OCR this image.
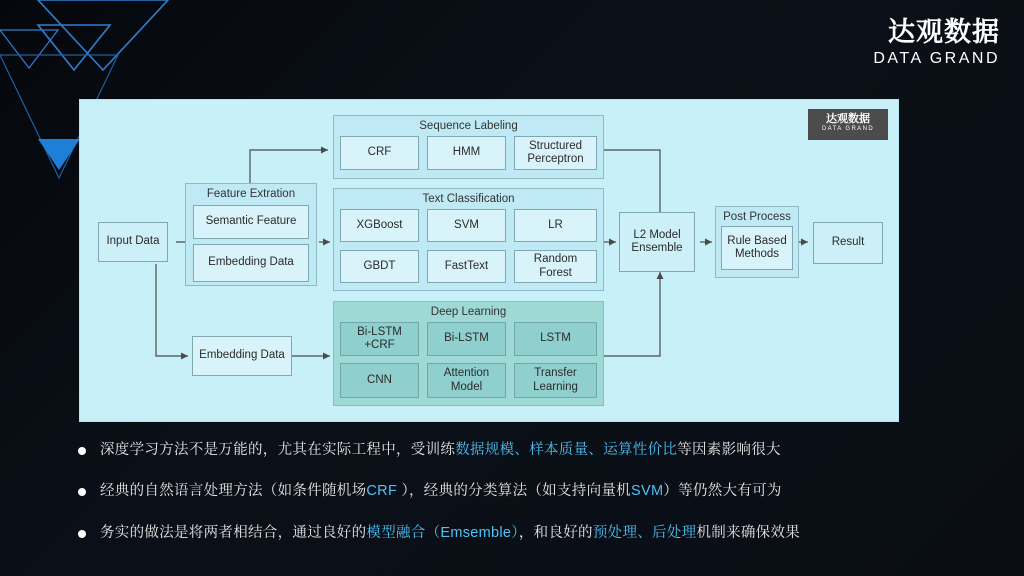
达观数据
DATA GRAND
达观数据
DATA GRAND
Input Data
Feature Extration
Semantic Feature
Embedding Data
Embedding Data
Sequence Labeling
CRF	HMM
Structured Perceptron
Text Classification
XGBoost	SVM	LR
GBDT	FastText
Random Forest
Deep Learning
Bi-LSTM +CRF
Bi-LSTM	LSTM
CNN
Attention Model
Transfer Learning
L2 Model Ensemble
Post Process
Rule Based Methods
Result
深度学习方法不是万能的，尤其在实际工程中，受训练数据规模、样本质量、运算性价比等因素影响很大
经典的自然语言处理方法（如条件随机场CRF ），经典的分类算法（如支持向量机SVM）等仍然大有可为
务实的做法是将两者相结合，通过良好的模型融合（Emsemble），和良好的预处理、后处理机制来确保效果
